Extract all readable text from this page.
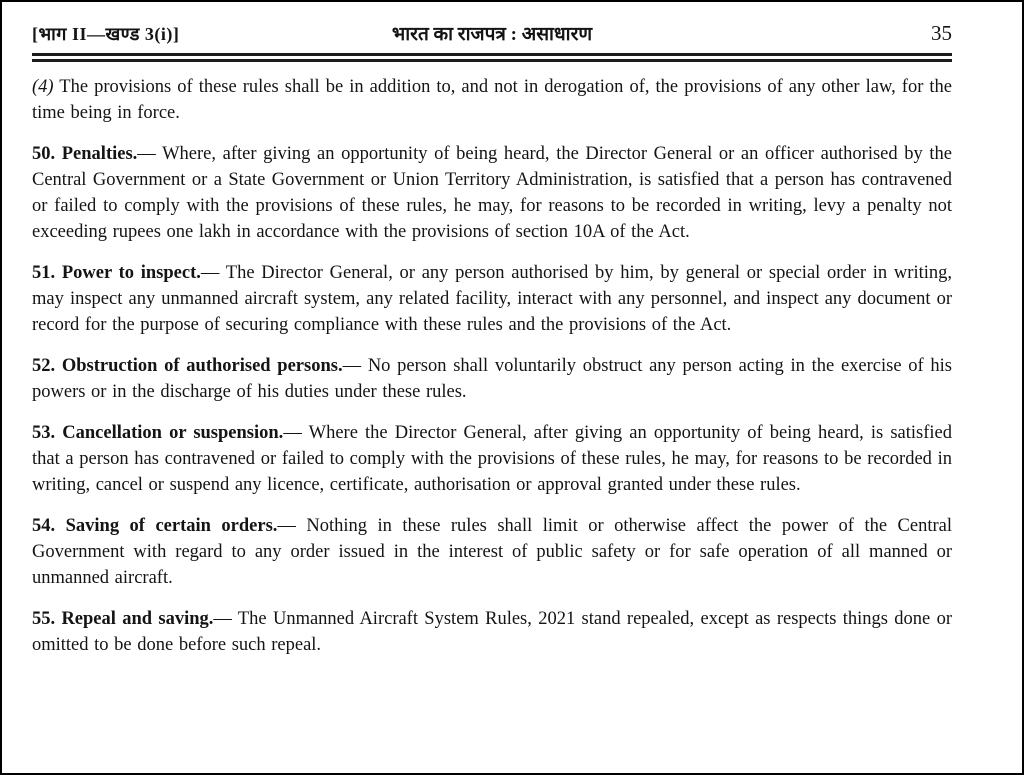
[भाग II—खण्ड 3(i)]	भारत का राजपत्र : असाधारण	35

(4) The provisions of these rules shall be in addition to, and not in derogation of, the provisions of any other law, for the time being in force.

50. Penalties.— Where, after giving an opportunity of being heard, the Director General or an officer authorised by the Central Government or a State Government or Union Territory Administration, is satisfied that a person has contravened or failed to comply with the provisions of these rules, he may, for reasons to be recorded in writing, levy a penalty not exceeding rupees one lakh in accordance with the provisions of section 10A of the Act.

51. Power to inspect.— The Director General, or any person authorised by him, by general or special order in writing, may inspect any unmanned aircraft system, any related facility, interact with any personnel, and inspect any document or record for the purpose of securing compliance with these rules and the provisions of the Act.

52. Obstruction of authorised persons.— No person shall voluntarily obstruct any person acting in the exercise of his powers or in the discharge of his duties under these rules.

53. Cancellation or suspension.— Where the Director General, after giving an opportunity of being heard, is satisfied that a person has contravened or failed to comply with the provisions of these rules, he may, for reasons to be recorded in writing, cancel or suspend any licence, certificate, authorisation or approval granted under these rules.

54. Saving of certain orders.— Nothing in these rules shall limit or otherwise affect the power of the Central Government with regard to any order issued in the interest of public safety or for safe operation of all manned or unmanned aircraft.

55. Repeal and saving.— The Unmanned Aircraft System Rules, 2021 stand repealed, except as respects things done or omitted to be done before such repeal.
